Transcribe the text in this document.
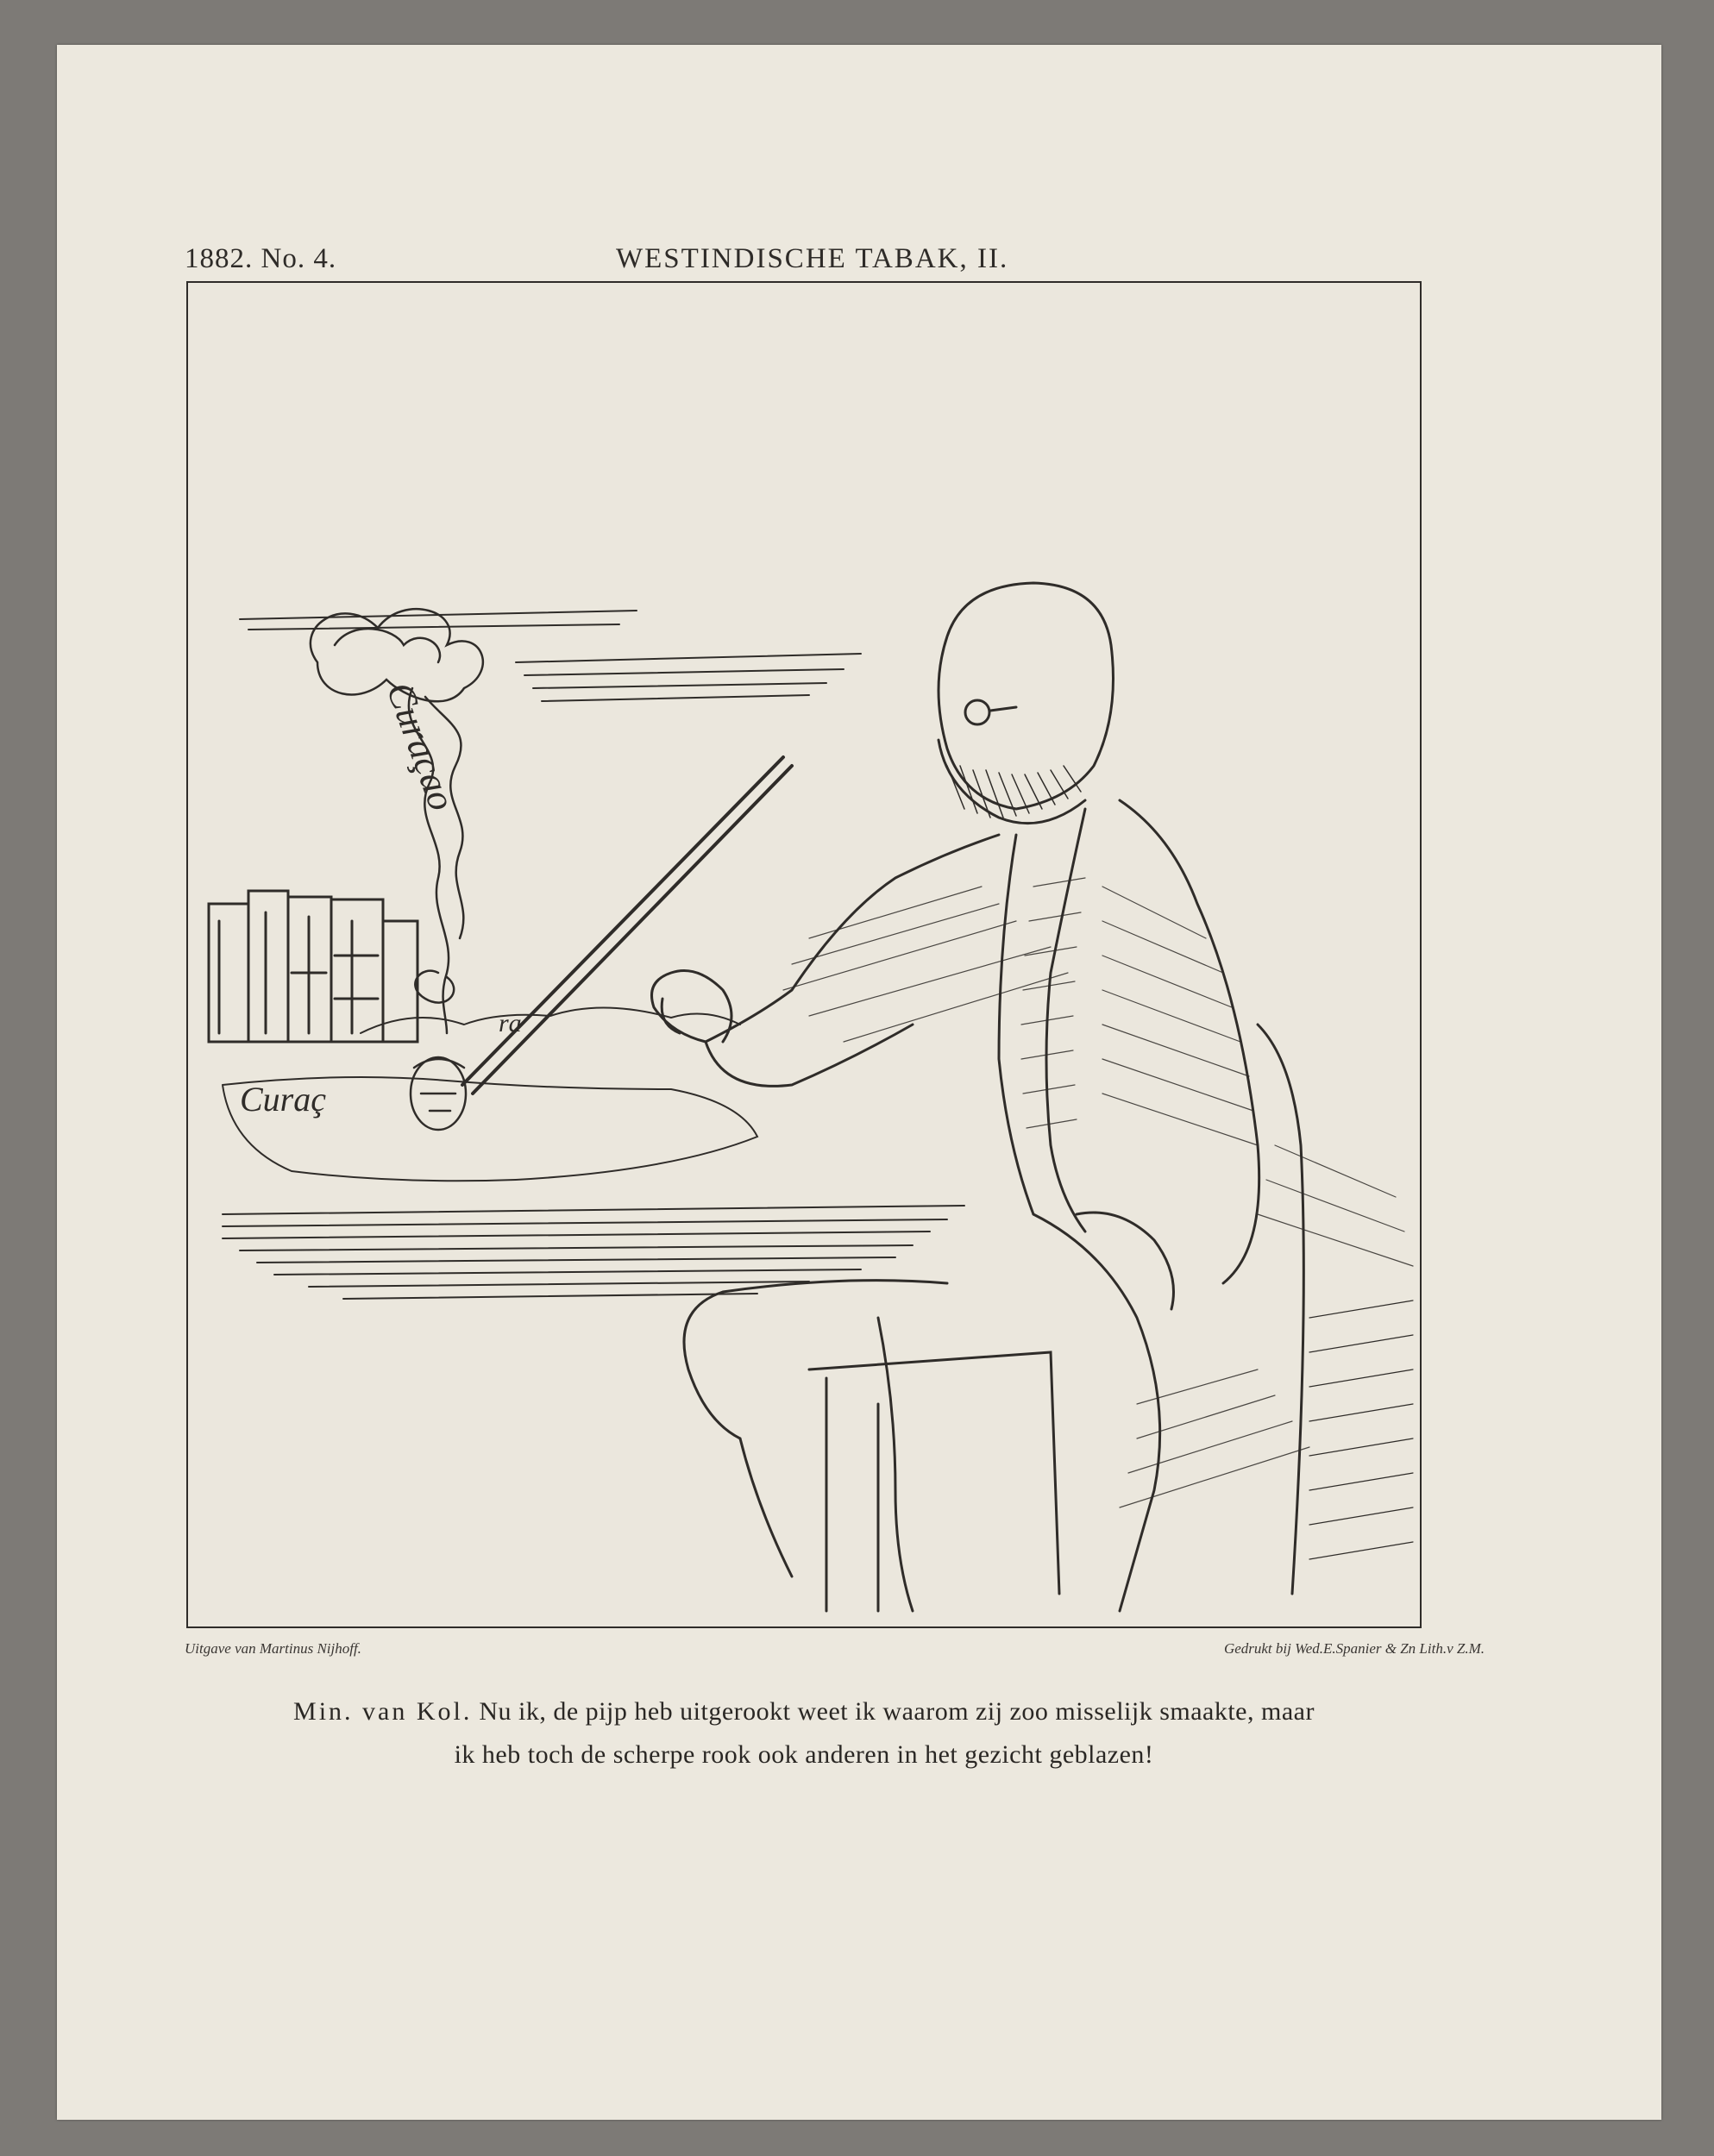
1882. No. 4.	WESTINDISCHE TABAK, II.
Curaç
ra
Curaçao
Uitgave van Martinus Nijhoff.	Gedrukt bij Wed.E.Spanier & Zn Lith.v Z.M.
Min. van Kol. Nu ik, de pijp heb uitgerookt weet ik waarom zij zoo misselijk smaakte, maar
ik heb toch de scherpe rook ook anderen in het gezicht geblazen!
